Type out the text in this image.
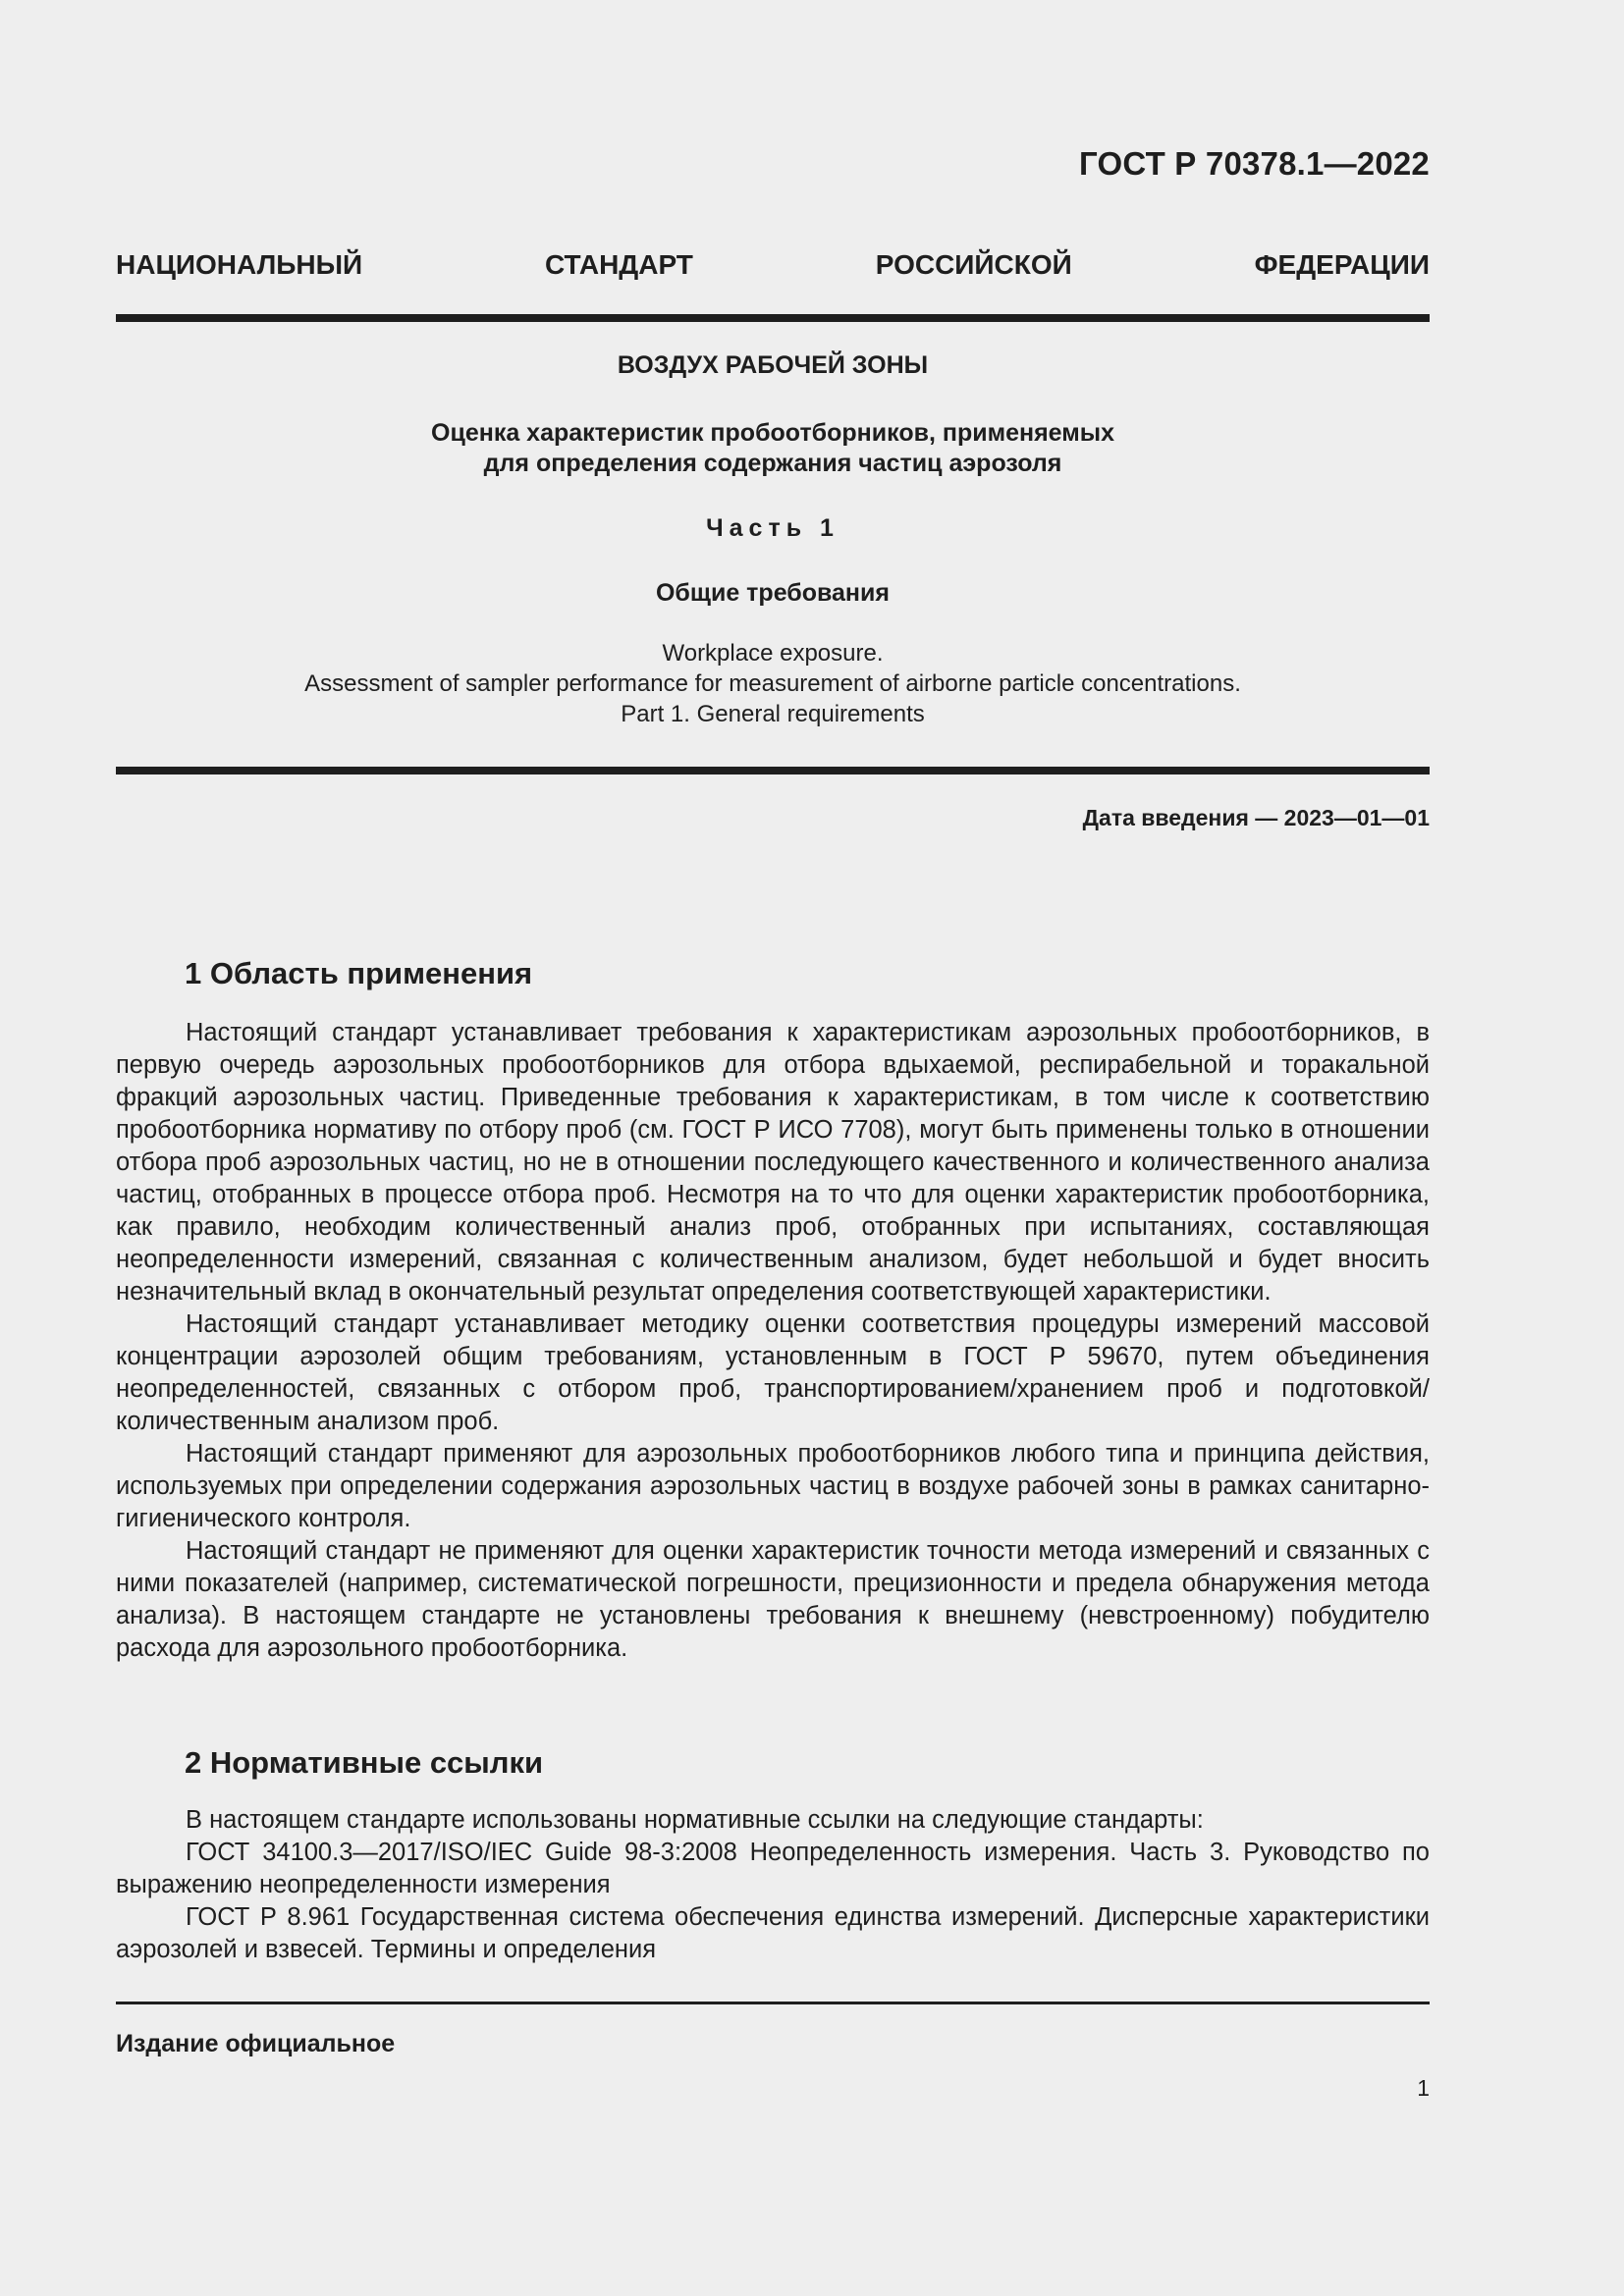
ГОСТ Р 70378.1—2022
НАЦИОНАЛЬНЫЙ	СТАНДАРТ	РОССИЙСКОЙ	ФЕДЕРАЦИИ
ВОЗДУХ РАБОЧЕЙ ЗОНЫ
Оценка характеристик пробоотборников, применяемых
для определения содержания частиц аэрозоля
Часть 1
Общие требования
Workplace exposure.
Assessment of sampler performance for measurement of airborne particle concentrations.
Part 1. General requirements
Дата введения — 2023—01—01
1 Область применения

Настоящий стандарт устанавливает требования к характеристикам аэрозольных пробоотборников, в первую очередь аэрозольных пробоотборников для отбора вдыхаемой, респирабельной и торакальной фракций аэрозольных частиц. Приведенные требования к характеристикам, в том числе к соответствию пробоотборника нормативу по отбору проб (см. ГОСТ Р ИСО 7708), могут быть применены только в отношении отбора проб аэрозольных частиц, но не в отношении последующего качественного и количественного анализа частиц, отобранных в процессе отбора проб. Несмотря на то что для оценки характеристик пробоотборника, как правило, необходим количественный анализ проб, отобранных при испытаниях, составляющая неопределенности измерений, связанная с количественным анализом, будет небольшой и будет вносить незначительный вклад в окончательный результат определения соответствующей характеристики.

Настоящий стандарт устанавливает методику оценки соответствия процедуры измерений массовой концентрации аэрозолей общим требованиям, установленным в ГОСТ Р 59670, путем объединения неопределенностей, связанных с отбором проб, транспортированием/хранением проб и подготовкой/количественным анализом проб.

Настоящий стандарт применяют для аэрозольных пробоотборников любого типа и принципа действия, используемых при определении содержания аэрозольных частиц в воздухе рабочей зоны в рамках санитарно-гигиенического контроля.

Настоящий стандарт не применяют для оценки характеристик точности метода измерений и связанных с ними показателей (например, систематической погрешности, прецизионности и предела обнаружения метода анализа). В настоящем стандарте не установлены требования к внешнему (невстроенному) побудителю расхода для аэрозольного пробоотборника.

2 Нормативные ссылки

В настоящем стандарте использованы нормативные ссылки на следующие стандарты:

ГОСТ 34100.3—2017/ISO/IEC Guide 98-3:2008 Неопределенность измерения. Часть 3. Руководство по выражению неопределенности измерения

ГОСТ Р 8.961 Государственная система обеспечения единства измерений. Дисперсные характеристики аэрозолей и взвесей. Термины и определения

Издание официальное
1
